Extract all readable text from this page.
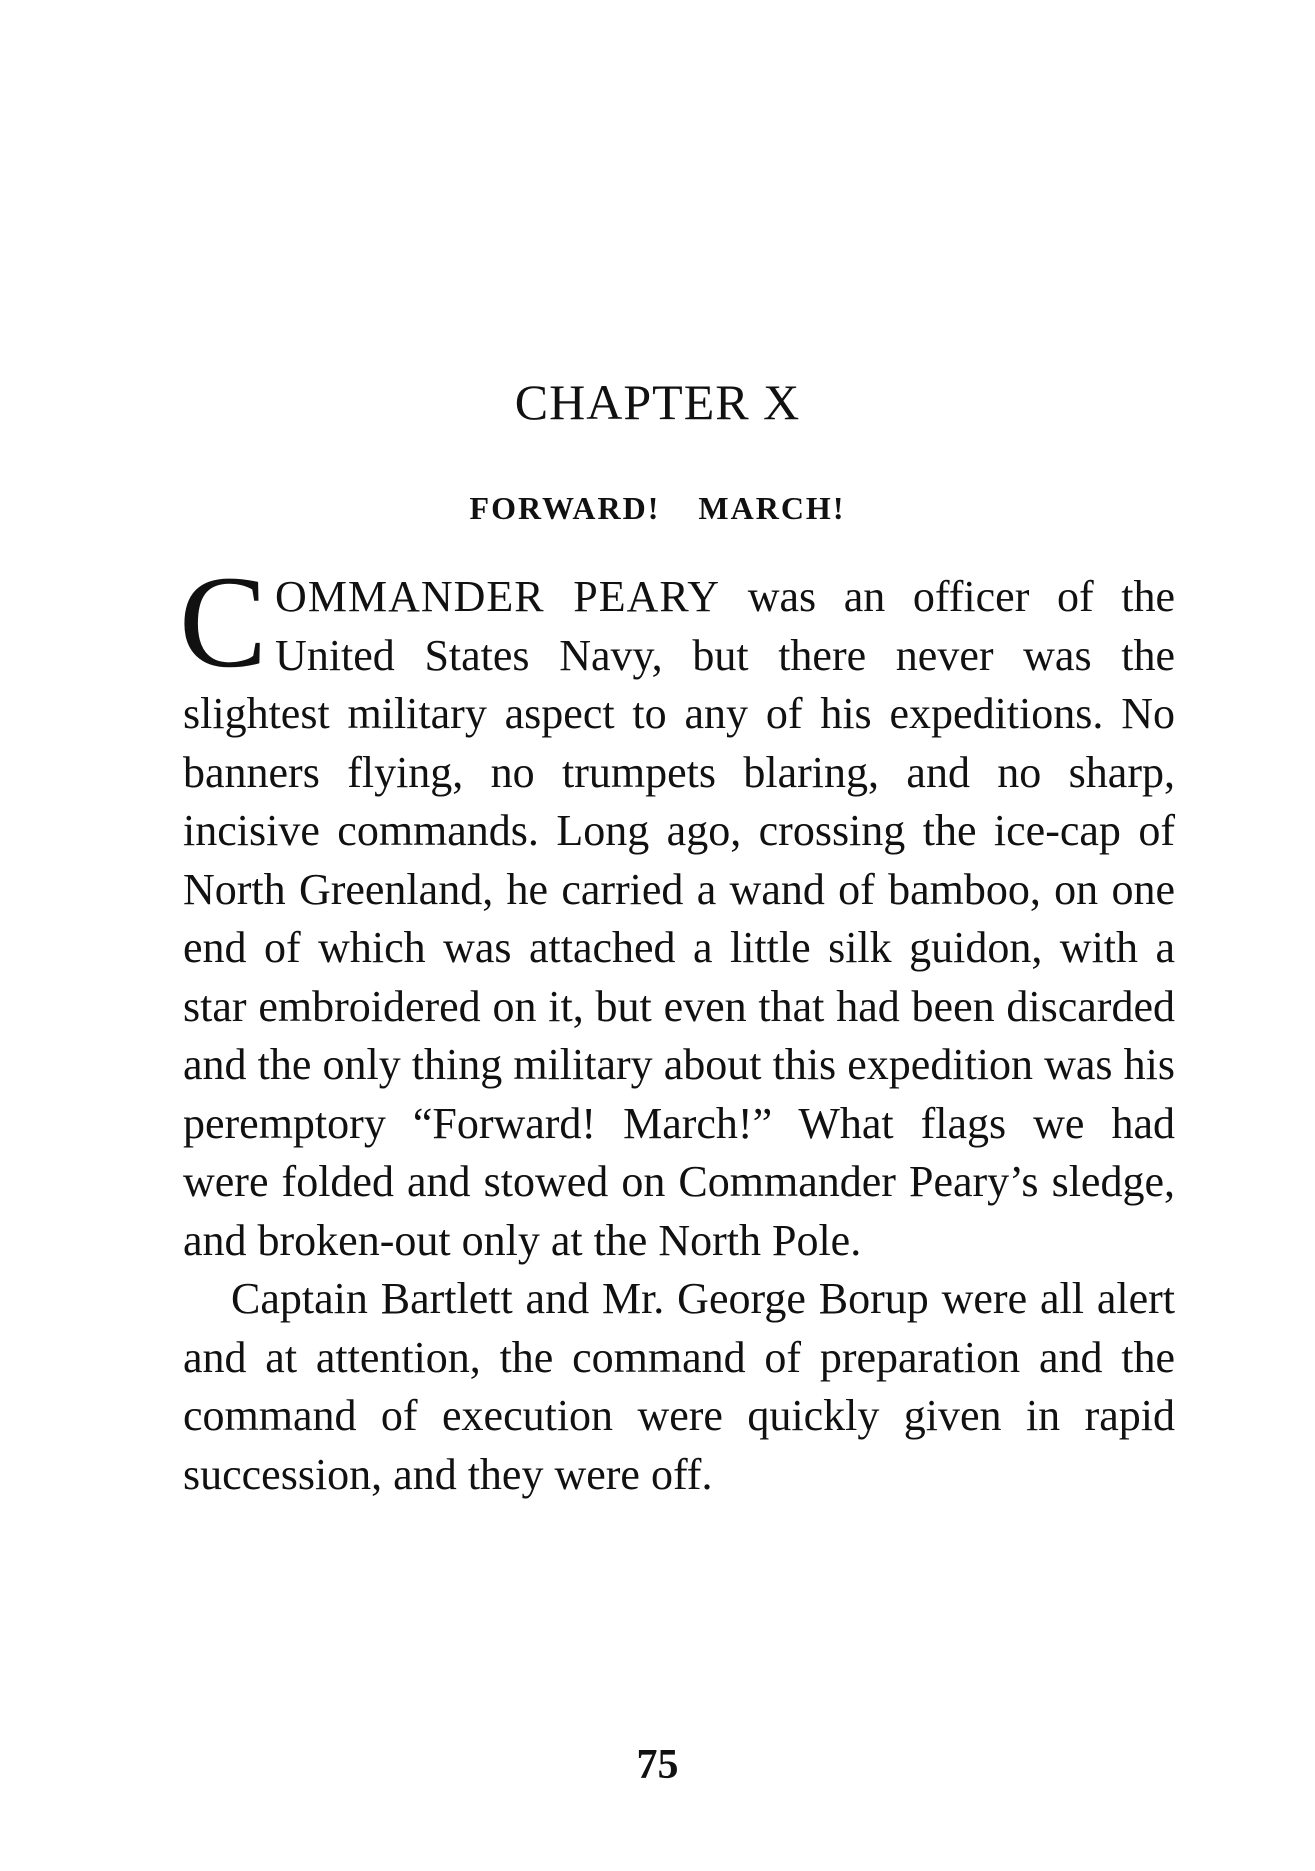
CHAPTER X
FORWARD! MARCH!

COMMANDER PEARY was an officer of the United States Navy, but there never was the slightest military aspect to any of his expeditions. No banners flying, no trumpets blaring, and no sharp, incisive commands. Long ago, crossing the ice-cap of North Greenland, he carried a wand of bamboo, on one end of which was attached a little silk guidon, with a star embroidered on it, but even that had been discarded and the only thing military about this expedition was his peremptory “Forward! March!” What flags we had were folded and stowed on Commander Peary’s sledge, and broken-out only at the North Pole.

Captain Bartlett and Mr. George Borup were all alert and at attention, the command of preparation and the command of execution were quickly given in rapid succession, and they were off.

75
